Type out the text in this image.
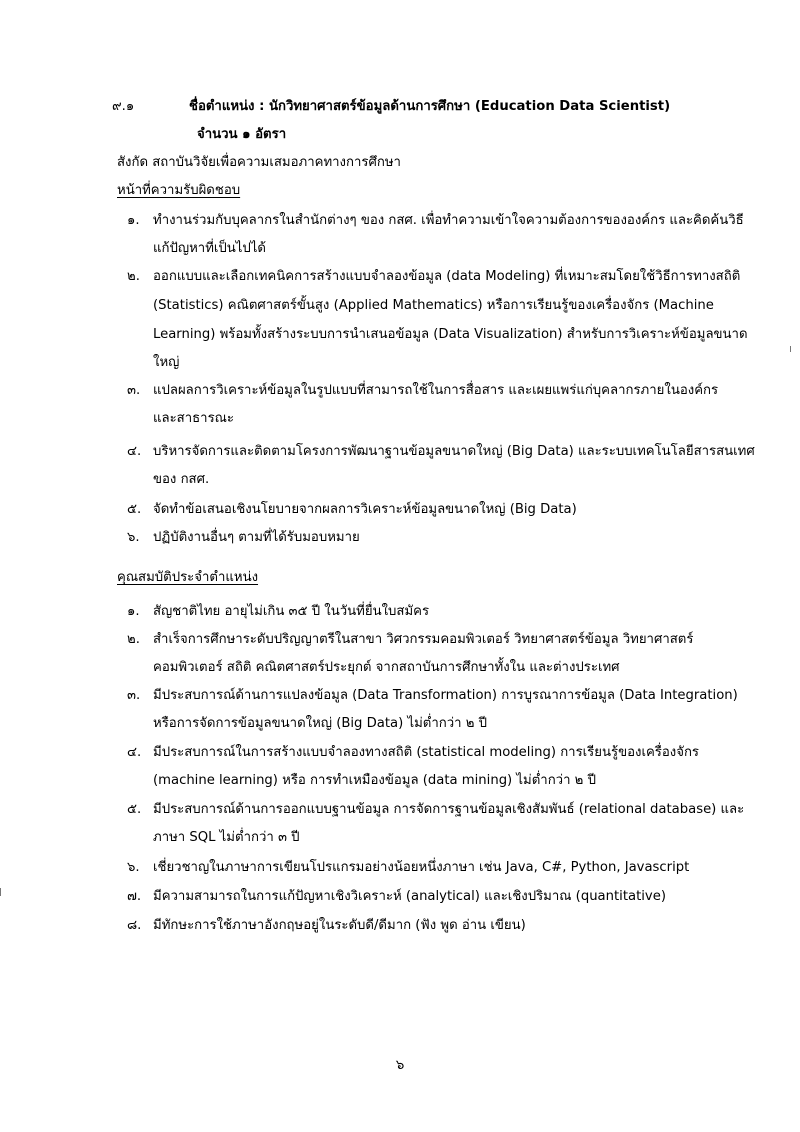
๙.๑	ชื่อตำแหน่ง : นักวิทยาศาสตร์ข้อมูลด้านการศึกษา (Education Data Scientist)
จำนวน ๑ อัตรา
สังกัด สถาบันวิจัยเพื่อความเสมอภาคทางการศึกษา
หน้าที่ความรับผิดชอบ
๑. ทำงานร่วมกับบุคลากรในสำนักต่างๆ ของ กสศ. เพื่อทำความเข้าใจความต้องการขององค์กร และคิดค้นวิธี
แก้ปัญหาที่เป็นไปได้
๒. ออกแบบและเลือกเทคนิคการสร้างแบบจำลองข้อมูล (data Modeling) ที่เหมาะสมโดยใช้วิธีการทางสถิติ
(Statistics) คณิตศาสตร์ขั้นสูง (Applied Mathematics) หรือการเรียนรู้ของเครื่องจักร (Machine
Learning) พร้อมทั้งสร้างระบบการนำเสนอข้อมูล (Data Visualization) สำหรับการวิเคราะห์ข้อมูลขนาด
ใหญ่
๓. แปลผลการวิเคราะห์ข้อมูลในรูปแบบที่สามารถใช้ในการสื่อสาร และเผยแพร่แก่บุคลากรภายในองค์กร
และสาธารณะ
๔. บริหารจัดการและติดตามโครงการพัฒนาฐานข้อมูลขนาดใหญ่ (Big Data) และระบบเทคโนโลยีสารสนเทศ
ของ กสศ.
๕. จัดทำข้อเสนอเชิงนโยบายจากผลการวิเคราะห์ข้อมูลขนาดใหญ่ (Big Data)
๖. ปฏิบัติงานอื่นๆ ตามที่ได้รับมอบหมาย
คุณสมบัติประจำตำแหน่ง
๑. สัญชาติไทย อายุไม่เกิน ๓๕ ปี ในวันที่ยื่นใบสมัคร
๒. สำเร็จการศึกษาระดับปริญญาตรีในสาขา วิศวกรรมคอมพิวเตอร์ วิทยาศาสตร์ข้อมูล วิทยาศาสตร์
คอมพิวเตอร์ สถิติ คณิตศาสตร์ประยุกต์ จากสถาบันการศึกษาทั้งใน และต่างประเทศ
๓. มีประสบการณ์ด้านการแปลงข้อมูล (Data Transformation) การบูรณาการข้อมูล (Data Integration)
หรือการจัดการข้อมูลขนาดใหญ่ (Big Data) ไม่ต่ำกว่า ๒ ปี
๔. มีประสบการณ์ในการสร้างแบบจำลองทางสถิติ (statistical modeling) การเรียนรู้ของเครื่องจักร
(machine learning) หรือ การทำเหมืองข้อมูล (data mining) ไม่ต่ำกว่า ๒ ปี
๕. มีประสบการณ์ด้านการออกแบบฐานข้อมูล การจัดการฐานข้อมูลเชิงสัมพันธ์ (relational database) และ
ภาษา SQL ไม่ต่ำกว่า ๓ ปี
๖. เชี่ยวชาญในภาษาการเขียนโปรแกรมอย่างน้อยหนึ่งภาษา เช่น Java, C#, Python, Javascript
๗. มีความสามารถในการแก้ปัญหาเชิงวิเคราะห์ (analytical) และเชิงปริมาณ (quantitative)
๘. มีทักษะการใช้ภาษาอังกฤษอยู่ในระดับดี/ดีมาก (ฟัง พูด อ่าน เขียน)
๖
